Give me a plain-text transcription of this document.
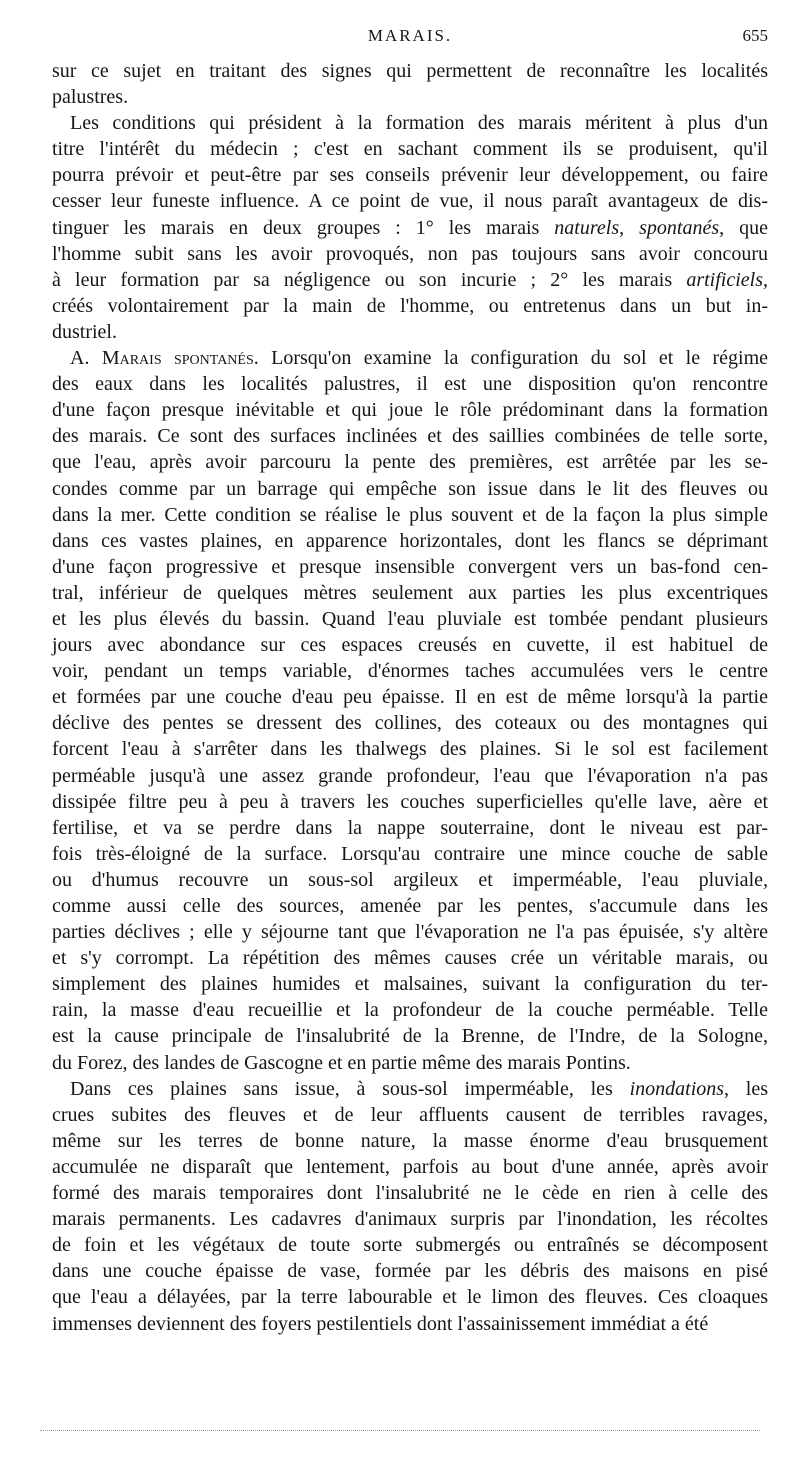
MARAIS.	655
sur ce sujet en traitant des signes qui permettent de reconnaître les localités
palustres.
Les conditions qui président à la formation des marais méritent à plus d'un
titre l'intérêt du médecin ; c'est en sachant comment ils se produisent, qu'il
pourra prévoir et peut-être par ses conseils prévenir leur développement, ou faire
cesser leur funeste influence. A ce point de vue, il nous paraît avantageux de dis-
tinguer les marais en deux groupes : 1° les marais naturels, spontanés, que
l'homme subit sans les avoir provoqués, non pas toujours sans avoir concouru
à leur formation par sa négligence ou son incurie ; 2° les marais artificiels,
créés volontairement par la main de l'homme, ou entretenus dans un but in-
dustriel.
A. Marais spontanés. Lorsqu'on examine la configuration du sol et le régime
des eaux dans les localités palustres, il est une disposition qu'on rencontre
d'une façon presque inévitable et qui joue le rôle prédominant dans la formation
des marais. Ce sont des surfaces inclinées et des saillies combinées de telle sorte,
que l'eau, après avoir parcouru la pente des premières, est arrêtée par les se-
condes comme par un barrage qui empêche son issue dans le lit des fleuves ou
dans la mer. Cette condition se réalise le plus souvent et de la façon la plus simple
dans ces vastes plaines, en apparence horizontales, dont les flancs se déprimant
d'une façon progressive et presque insensible convergent vers un bas-fond cen-
tral, inférieur de quelques mètres seulement aux parties les plus excentriques
et les plus élevés du bassin. Quand l'eau pluviale est tombée pendant plusieurs
jours avec abondance sur ces espaces creusés en cuvette, il est habituel de
voir, pendant un temps variable, d'énormes taches accumulées vers le centre
et formées par une couche d'eau peu épaisse. Il en est de même lorsqu'à la partie
déclive des pentes se dressent des collines, des coteaux ou des montagnes qui
forcent l'eau à s'arrêter dans les thalwegs des plaines. Si le sol est facilement
perméable jusqu'à une assez grande profondeur, l'eau que l'évaporation n'a pas
dissipée filtre peu à peu à travers les couches superficielles qu'elle lave, aère et
fertilise, et va se perdre dans la nappe souterraine, dont le niveau est par-
fois très-éloigné de la surface. Lorsqu'au contraire une mince couche de sable
ou d'humus recouvre un sous-sol argileux et imperméable, l'eau pluviale,
comme aussi celle des sources, amenée par les pentes, s'accumule dans les
parties déclives ; elle y séjourne tant que l'évaporation ne l'a pas épuisée, s'y altère
et s'y corrompt. La répétition des mêmes causes crée un véritable marais, ou
simplement des plaines humides et malsaines, suivant la configuration du ter-
rain, la masse d'eau recueillie et la profondeur de la couche perméable. Telle
est la cause principale de l'insalubrité de la Brenne, de l'Indre, de la Sologne,
du Forez, des landes de Gascogne et en partie même des marais Pontins.
Dans ces plaines sans issue, à sous-sol imperméable, les inondations, les
crues subites des fleuves et de leur affluents causent de terribles ravages,
même sur les terres de bonne nature, la masse énorme d'eau brusquement
accumulée ne disparaît que lentement, parfois au bout d'une année, après avoir
formé des marais temporaires dont l'insalubrité ne le cède en rien à celle des
marais permanents. Les cadavres d'animaux surpris par l'inondation, les récoltes
de foin et les végétaux de toute sorte submergés ou entraînés se décomposent
dans une couche épaisse de vase, formée par les débris des maisons en pisé
que l'eau a délayées, par la terre labourable et le limon des fleuves. Ces cloaques
immenses deviennent des foyers pestilentiels dont l'assainissement immédiat a été
